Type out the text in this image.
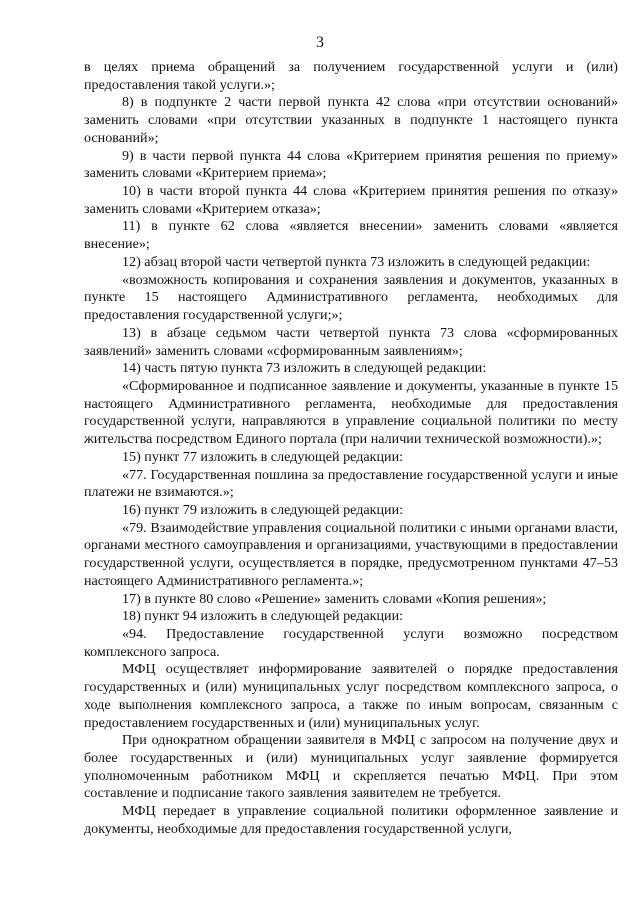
3

в целях приема обращений за получением государственной услуги и (или) предоставления такой услуги.»;

8) в подпункте 2 части первой пункта 42 слова «при отсутствии оснований» заменить словами «при отсутствии указанных в подпункте 1 настоящего пункта оснований»;

9) в части первой пункта 44 слова «Критерием принятия решения по приему» заменить словами «Критерием приема»;

10) в части второй пункта 44 слова «Критерием принятия решения по отказу» заменить словами «Критерием отказа»;

11) в пункте 62 слова «является внесении» заменить словами «является внесение»;

12) абзац второй части четвертой пункта 73 изложить в следующей редакции:

«возможность копирования и сохранения заявления и документов, указанных в пункте 15 настоящего Административного регламента, необходимых для предоставления государственной услуги;»;

13) в абзаце седьмом части четвертой пункта 73 слова «сформированных заявлений» заменить словами «сформированным заявлениям»;

14) часть пятую пункта 73 изложить в следующей редакции:

«Сформированное и подписанное заявление и документы, указанные в пункте 15 настоящего Административного регламента, необходимые для предоставления государственной услуги, направляются в управление социальной политики по месту жительства посредством Единого портала (при наличии технической возможности).»;

15) пункт 77 изложить в следующей редакции:

«77. Государственная пошлина за предоставление государственной услуги и иные платежи не взимаются.»;

16) пункт 79 изложить в следующей редакции:

«79. Взаимодействие управления социальной политики с иными органами власти, органами местного самоуправления и организациями, участвующими в предоставлении государственной услуги, осуществляется в порядке, предусмотренном пунктами 47–53 настоящего Административного регламента.»;

17) в пункте 80 слово «Решение» заменить словами «Копия решения»;

18) пункт 94 изложить в следующей редакции:

«94. Предоставление государственной услуги возможно посредством комплексного запроса.

МФЦ осуществляет информирование заявителей о порядке предоставления государственных и (или) муниципальных услуг посредством комплексного запроса, о ходе выполнения комплексного запроса, а также по иным вопросам, связанным с предоставлением государственных и (или) муниципальных услуг.

При однократном обращении заявителя в МФЦ с запросом на получение двух и более государственных и (или) муниципальных услуг заявление формируется уполномоченным работником МФЦ и скрепляется печатью МФЦ. При этом составление и подписание такого заявления заявителем не требуется.

МФЦ передает в управление социальной политики оформленное заявление и документы, необходимые для предоставления государственной услуги,
